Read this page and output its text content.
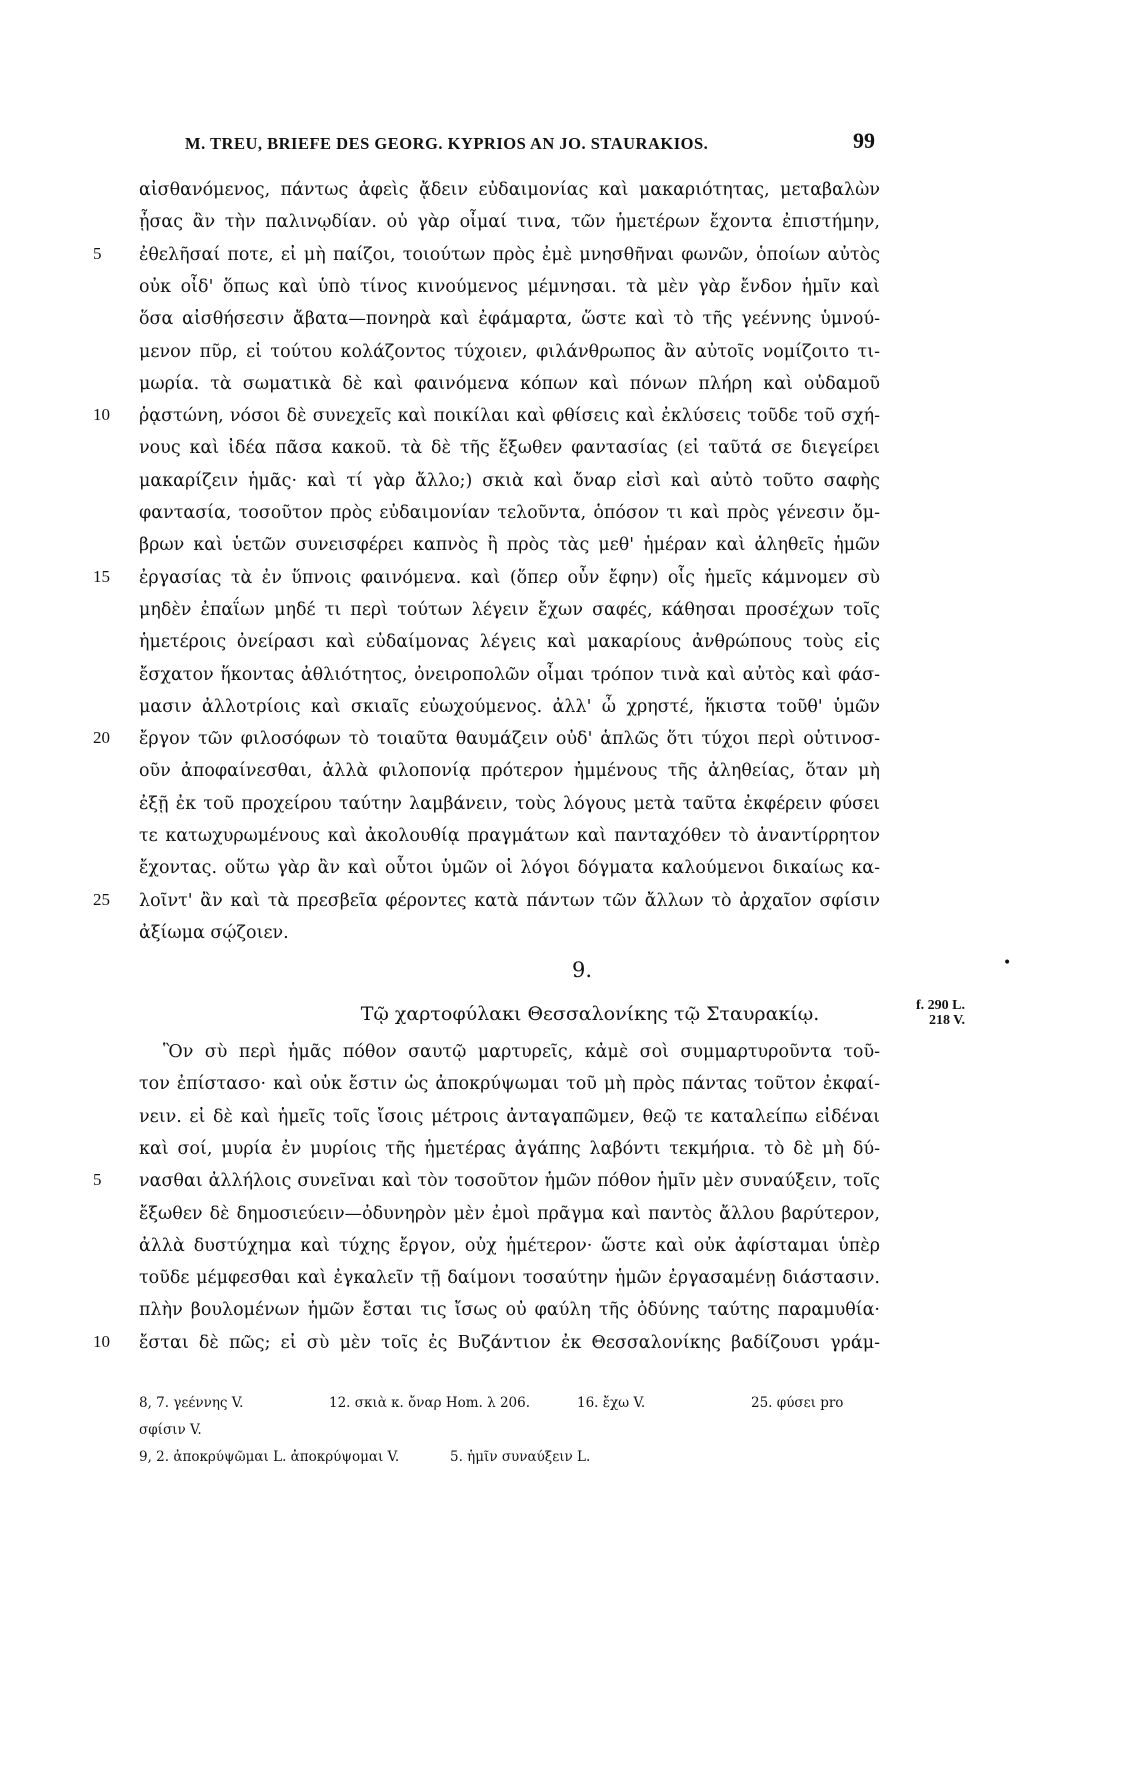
M. TREU, BRIEFE DES GEORG. KYPRIOS AN JO. STAURAKIOS.	99
αἰσθανόμενος, πάντως ἀφεὶς ᾄδειν εὐδαιμονίας καὶ μακαριότητας, μεταβαλὼν
ᾖσας ἂν τὴν παλινῳδίαν. οὐ γὰρ οἶμαί τινα, τῶν ἡμετέρων ἔχοντα ἐπιστήμην,
5	ἐθελῆσαί ποτε, εἰ μὴ παίζοι, τοιούτων πρὸς ἐμὲ μνησθῆναι φωνῶν, ὁποίων αὐτὸς
οὐκ οἶδ' ὅπως καὶ ὑπὸ τίνος κινούμενος μέμνησαι. τὰ μὲν γὰρ ἔνδον ἡμῖν καὶ
ὅσα αἰσθήσεσιν ἄβατα—πονηρὰ καὶ ἐφάμαρτα, ὥστε καὶ τὸ τῆς γεέννης ὑμνού-
μενον πῦρ, εἰ τούτου κολάζοντος τύχοιεν, φιλάνθρωπος ἂν αὐτοῖς νομίζοιτο τι-
μωρία. τὰ σωματικὰ δὲ καὶ φαινόμενα κόπων καὶ πόνων πλήρη καὶ οὐδαμοῦ
10	ῥᾳστώνη, νόσοι δὲ συνεχεῖς καὶ ποικίλαι καὶ φθίσεις καὶ ἐκλύσεις τοῦδε τοῦ σχή-
νους καὶ ἰδέα πᾶσα κακοῦ. τὰ δὲ τῆς ἔξωθεν φαντασίας (εἰ ταῦτά σε διεγείρει
μακαρίζειν ἡμᾶς· καὶ τί γὰρ ἄλλο;) σκιὰ καὶ ὄναρ εἰσὶ καὶ αὐτὸ τοῦτο σαφὴς
φαντασία, τοσοῦτον πρὸς εὐδαιμονίαν τελοῦντα, ὁπόσον τι καὶ πρὸς γένεσιν ὄμ-
βρων καὶ ὑετῶν συνεισφέρει καπνὸς ἢ πρὸς τὰς μεθ' ἡμέραν καὶ ἀληθεῖς ἡμῶν
15	ἐργασίας τὰ ἐν ὕπνοις φαινόμενα. καὶ (ὅπερ οὖν ἔφην) οἷς ἡμεῖς κάμνομεν σὺ
μηδὲν ἐπαΐων μηδέ τι περὶ τούτων λέγειν ἔχων σαφές, κάθησαι προσέχων τοῖς
ἡμετέροις ὀνείρασι καὶ εὐδαίμονας λέγεις καὶ μακαρίους ἀνθρώπους τοὺς εἰς
ἔσχατον ἥκοντας ἀθλιότητος, ὀνειροπολῶν οἶμαι τρόπον τινὰ καὶ αὐτὸς καὶ φάσ-
μασιν ἀλλοτρίοις καὶ σκιαῖς εὐωχούμενος. ἀλλ' ὦ χρηστέ, ἥκιστα τοῦθ' ὑμῶν
20	ἔργον τῶν φιλοσόφων τὸ τοιαῦτα θαυμάζειν οὐδ' ἁπλῶς ὅτι τύχοι περὶ οὑτινοσ-
οῦν ἀποφαίνεσθαι, ἀλλὰ φιλοπονίᾳ πρότερον ἠμμένους τῆς ἀληθείας, ὅταν μὴ
ἐξῇ ἐκ τοῦ προχείρου ταύτην λαμβάνειν, τοὺς λόγους μετὰ ταῦτα ἐκφέρειν φύσει
τε κατωχυρωμένους καὶ ἀκολουθίᾳ πραγμάτων καὶ πανταχόθεν τὸ ἀναντίρρητον
ἔχοντας. οὕτω γὰρ ἂν καὶ οὗτοι ὑμῶν οἱ λόγοι δόγματα καλούμενοι δικαίως κα-
25	λοῖντ' ἂν καὶ τὰ πρεσβεῖα φέροντες κατὰ πάντων τῶν ἄλλων τὸ ἀρχαῖον σφίσιν
ἀξίωμα σῴζοιεν.
9.	•
Τῷ χαρτοφύλακι Θεσσαλονίκης τῷ Σταυρακίῳ.	f. 290 L.
218 V.
Ὃν σὺ περὶ ἡμᾶς πόθον σαυτῷ μαρτυρεῖς, κἀμὲ σοὶ συμμαρτυροῦντα τοῦ-
τον ἐπίστασο· καὶ οὐκ ἔστιν ὡς ἀποκρύψωμαι τοῦ μὴ πρὸς πάντας τοῦτον ἐκφαί-
νειν. εἰ δὲ καὶ ἡμεῖς τοῖς ἴσοις μέτροις ἀνταγαπῶμεν, θεῷ τε καταλείπω εἰδέναι
καὶ σοί, μυρία ἐν μυρίοις τῆς ἡμετέρας ἀγάπης λαβόντι τεκμήρια. τὸ δὲ μὴ δύ-
5	νασθαι ἀλλήλοις συνεῖναι καὶ τὸν τοσοῦτον ἡμῶν πόθον ἡμῖν μὲν συναύξειν, τοῖς
ἔξωθεν δὲ δημοσιεύειν—ὀδυνηρὸν μὲν ἐμοὶ πρᾶγμα καὶ παντὸς ἄλλου βαρύτερον,
ἀλλὰ δυστύχημα καὶ τύχης ἔργον, οὐχ ἡμέτερον· ὥστε καὶ οὐκ ἀφίσταμαι ὑπὲρ
τοῦδε μέμφεσθαι καὶ ἐγκαλεῖν τῇ δαίμονι τοσαύτην ἡμῶν ἐργασαμένῃ διάστασιν.
πλὴν βουλομένων ἡμῶν ἔσται τις ἴσως οὐ φαύλη τῆς ὀδύνης ταύτης παραμυθία·
10	ἔσται δὲ πῶς; εἰ σὺ μὲν τοῖς ἐς Βυζάντιον ἐκ Θεσσαλονίκης βαδίζουσι γράμ-
8, 7. γεέννης V.	12. σκιὰ κ. ὄναρ Hom. λ 206.	16. ἔχω V.	25. φύσει pro
σφίσιν V.
9, 2. ἀποκρύψῶμαι L. ἀποκρύψομαι V.	5. ἡμῖν συναύξειν L.
